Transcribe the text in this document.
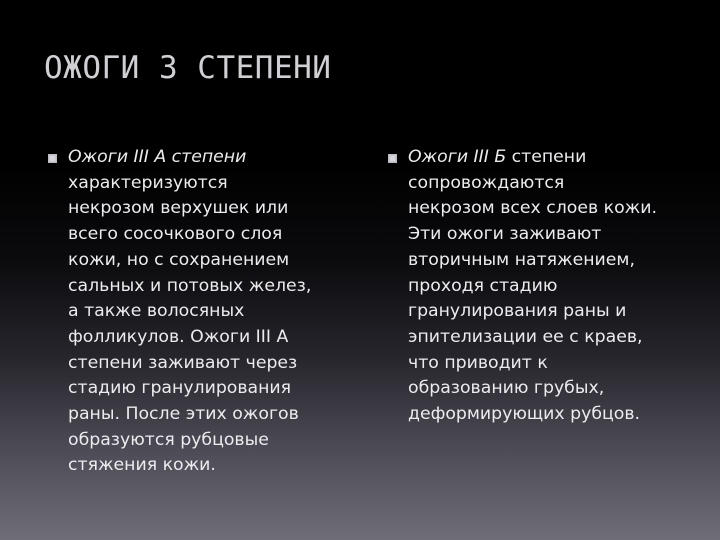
ОЖОГИ 3 СТЕПЕНИ
Ожоги III А степени
характеризуются
некрозом верхушек или
всего сосочкового слоя
кожи, но с сохранением
сальных и потовых желез,
а также волосяных
фолликулов. Ожоги III А
степени заживают через
стадию гранулирования
раны. После этих ожогов
образуются рубцовые
стяжения кожи.
Ожоги III Б степени
сопровождаются
некрозом всех слоев кожи.
Эти ожоги заживают
вторичным натяжением,
проходя стадию
гранулирования раны и
эпителизации ее с краев,
что приводит к
образованию грубых,
деформирующих рубцов.
